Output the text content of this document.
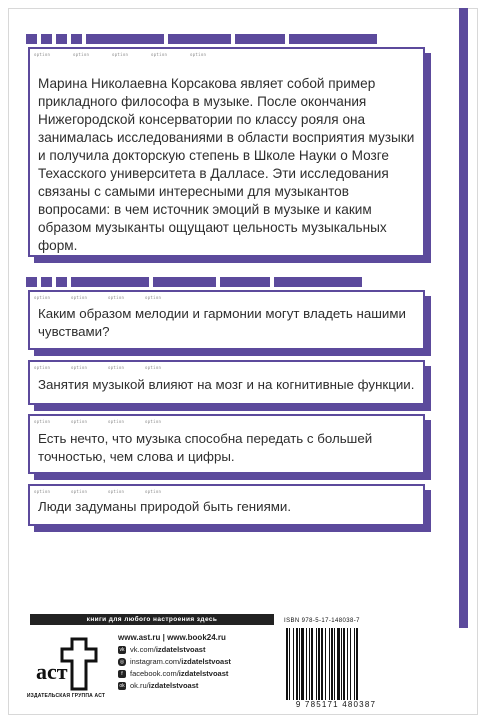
option	option	option	option	option
Марина Николаевна Корсакова являет собой пример прикладного философа в музыке. После окончания Нижегородской консерватории по классу рояля она занималась исследованиями в области восприятия музыки и получила докторскую степень в Школе Науки о Мозге Техасского университета в Далласе. Эти исследования связаны с самыми интересными для музыкантов вопросами: в чем источник эмоций в музыке и каким образом музыканты ощущают цельность музыкальных форм.
option	option	option	option
Каким образом мелодии и гармонии могут владеть нашими чувствами?
option	option	option	option
Занятия музыкой влияют на мозг и на когнитивные функции.
option	option	option	option
Есть нечто, что музыка способна передать с большей точностью, чем слова и цифры.
option	option	option	option
Люди задуманы природой быть гениями.
книги для любого настроения здесь
аст
ИЗДАТЕЛЬСКАЯ ГРУППА АСТ
www.ast.ru | www.book24.ru
vk vk.com/izdatelstvoast
◎ instagram.com/izdatelstvoast
f facebook.com/izdatelstvoast
ok ok.ru/izdatelstvoast
ISBN 978-5-17-148038-7
9 785171 480387
